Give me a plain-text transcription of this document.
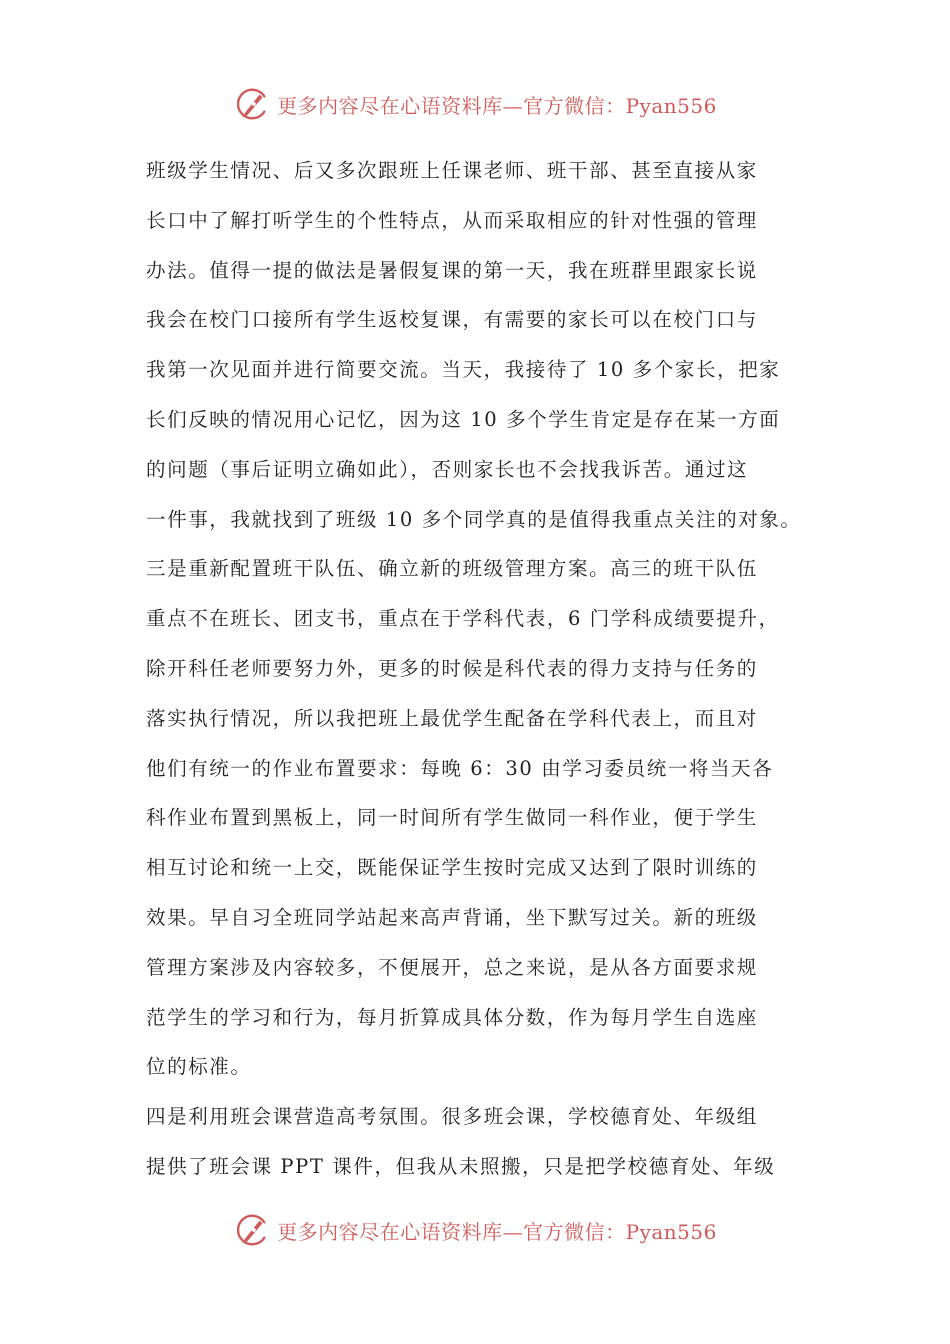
更多内容尽在心语资料库—官方微信：Pyan556
班级学生情况、后又多次跟班上任课老师、班干部、甚至直接从家
长口中了解打听学生的个性特点，从而采取相应的针对性强的管理
办法。值得一提的做法是暑假复课的第一天，我在班群里跟家长说
我会在校门口接所有学生返校复课，有需要的家长可以在校门口与
我第一次见面并进行简要交流。当天，我接待了 10 多个家长，把家
长们反映的情况用心记忆，因为这 10 多个学生肯定是存在某一方面
的问题（事后证明立确如此），否则家长也不会找我诉苦。通过这
一件事，我就找到了班级 10 多个同学真的是值得我重点关注的对象。
三是重新配置班干队伍、确立新的班级管理方案。高三的班干队伍
重点不在班长、团支书，重点在于学科代表，6 门学科成绩要提升，
除开科任老师要努力外，更多的时候是科代表的得力支持与任务的
落实执行情况，所以我把班上最优学生配备在学科代表上，而且对
他们有统一的作业布置要求：每晚 6：30 由学习委员统一将当天各
科作业布置到黑板上，同一时间所有学生做同一科作业，便于学生
相互讨论和统一上交，既能保证学生按时完成又达到了限时训练的
效果。早自习全班同学站起来高声背诵，坐下默写过关。新的班级
管理方案涉及内容较多，不便展开，总之来说，是从各方面要求规
范学生的学习和行为，每月折算成具体分数，作为每月学生自选座
位的标准。
四是利用班会课营造高考氛围。很多班会课，学校德育处、年级组
提供了班会课 PPT 课件，但我从未照搬，只是把学校德育处、年级
更多内容尽在心语资料库—官方微信：Pyan556
